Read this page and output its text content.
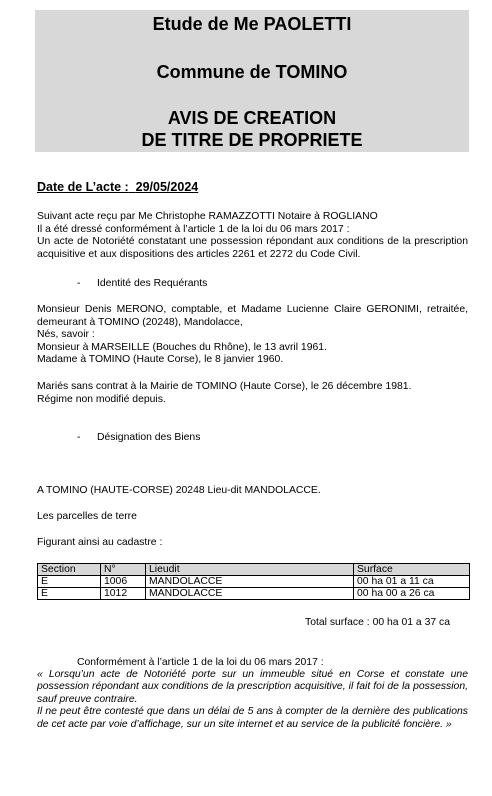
Etude de Me PAOLETTI
Commune de TOMINO
AVIS DE CREATION
DE TITRE DE PROPRIETE
Date de L’acte : 29/05/2024
Suivant acte reçu par Me Christophe RAMAZZOTTI Notaire à ROGLIANO
Il a été dressé conformément à l’article 1 de la loi du 06 mars 2017 :
Un acte de Notoriété constatant une possession répondant aux conditions de la prescription acquisitive et aux dispositions des articles 2261 et 2272 du Code Civil.
- Identité des Requérants
Monsieur Denis MERONO, comptable, et Madame Lucienne Claire GERONIMI, retraitée, demeurant à TOMINO (20248), Mandolacce,
Nés, savoir :
Monsieur à MARSEILLE (Bouches du Rhône), le 13 avril 1961.
Madame à TOMINO (Haute Corse), le 8 janvier 1960.
Mariés sans contrat à la Mairie de TOMINO (Haute Corse), le 26 décembre 1981.
Régime non modifié depuis.
- Désignation des Biens
A TOMINO (HAUTE-CORSE) 20248 Lieu-dit MANDOLACCE.
Les parcelles de terre
Figurant ainsi au cadastre :
Section	N°	Lieudit	Surface
E	1006	MANDOLACCE	00 ha 01 a 11 ca
E	1012	MANDOLACCE	00 ha 00 a 26 ca
Total surface : 00 ha 01 a 37 ca
Conformément à l’article 1 de la loi du 06 mars 2017 :
« Lorsqu’un acte de Notoriété porte sur un immeuble situé en Corse et constate une possession répondant aux conditions de la prescription acquisitive, il fait foi de la possession, sauf preuve contraire.
Il ne peut être contesté que dans un délai de 5 ans à compter de la dernière des publications de cet acte par voie d’affichage, sur un site internet et au service de la publicité foncière. »
